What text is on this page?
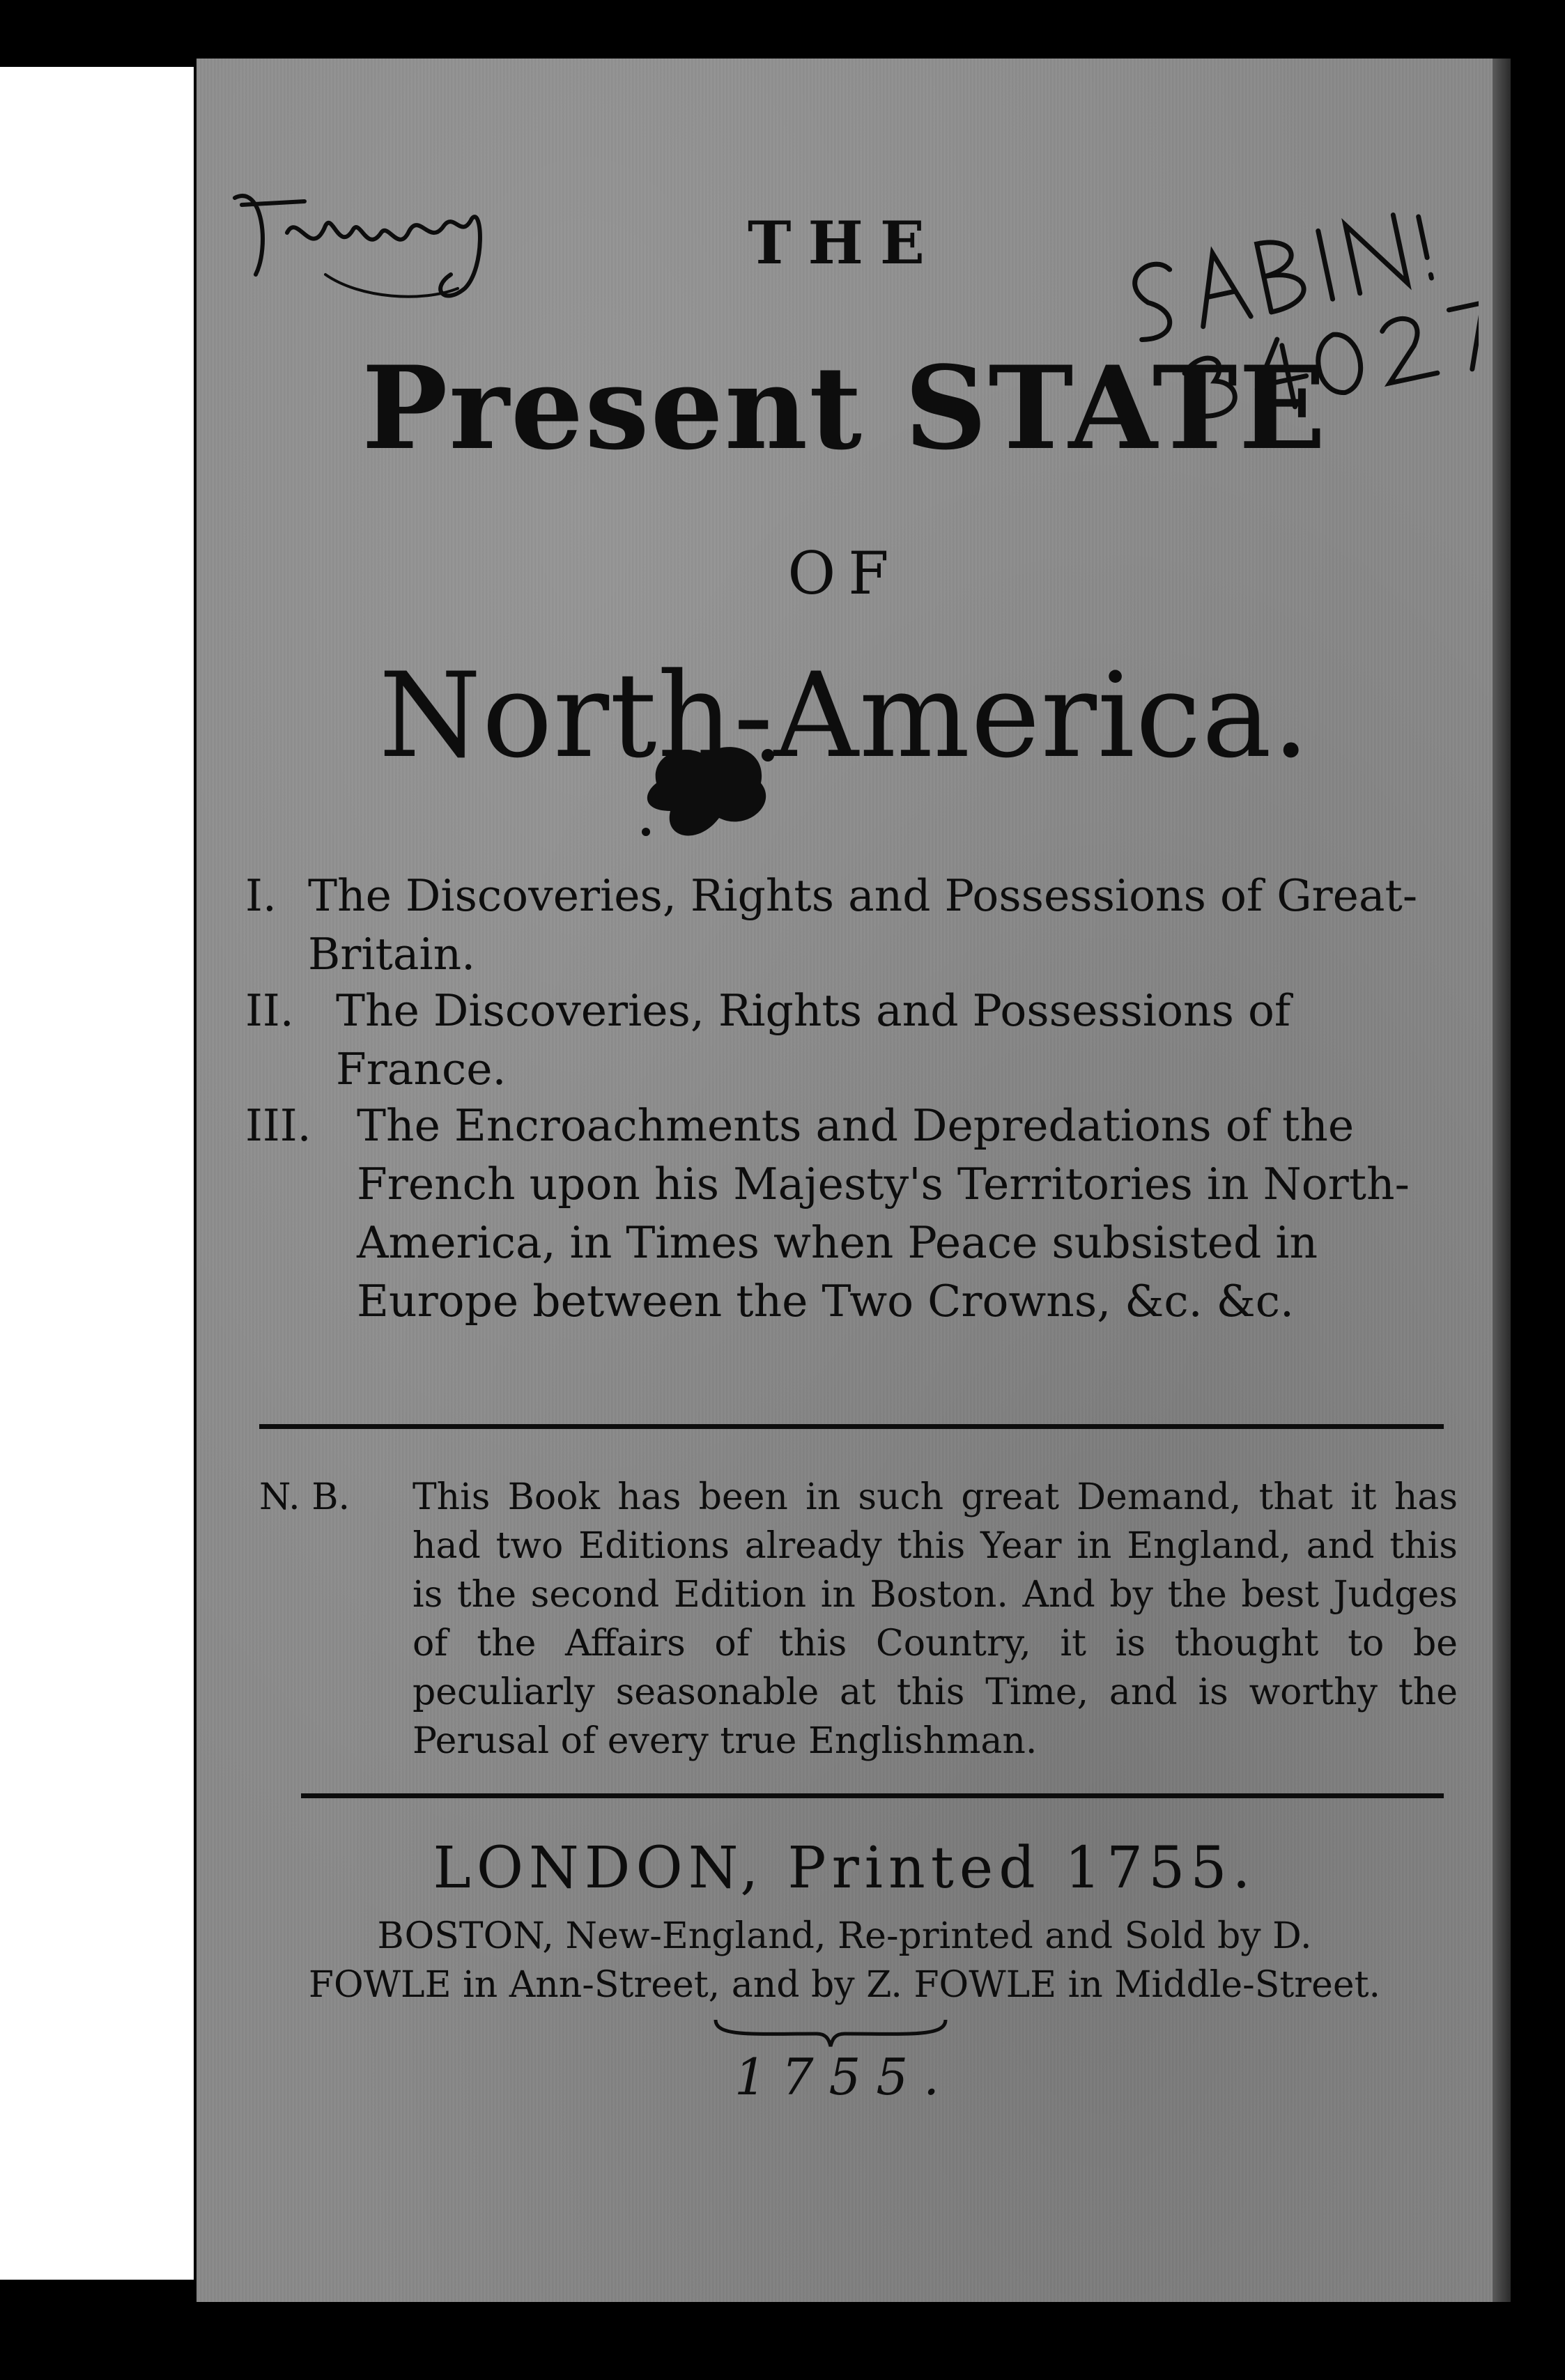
THE
Present STATE
OF
North-America.
I. The Discoveries, Rights and Possessions of Great-Britain.
II. The Discoveries, Rights and Possessions of France.
III. The Encroachments and Depredations of the French upon his Majesty's Territories in North-America, in Times when Peace subsisted in Europe between the Two Crowns, &c. &c.
N. B. This Book has been in such great Demand, that it has had two Editions already this Year in England, and this is the second Edition in Boston. And by the best Judges of the Affairs of this Country, it is thought to be peculiarly seasonable at this Time, and is worthy the Perusal of every true Englishman.
LONDON, Printed 1755.
BOSTON, New-England, Re-printed and Sold by D.
FOWLE in Ann-Street, and by Z. FOWLE in Middle-Street.
1755.
